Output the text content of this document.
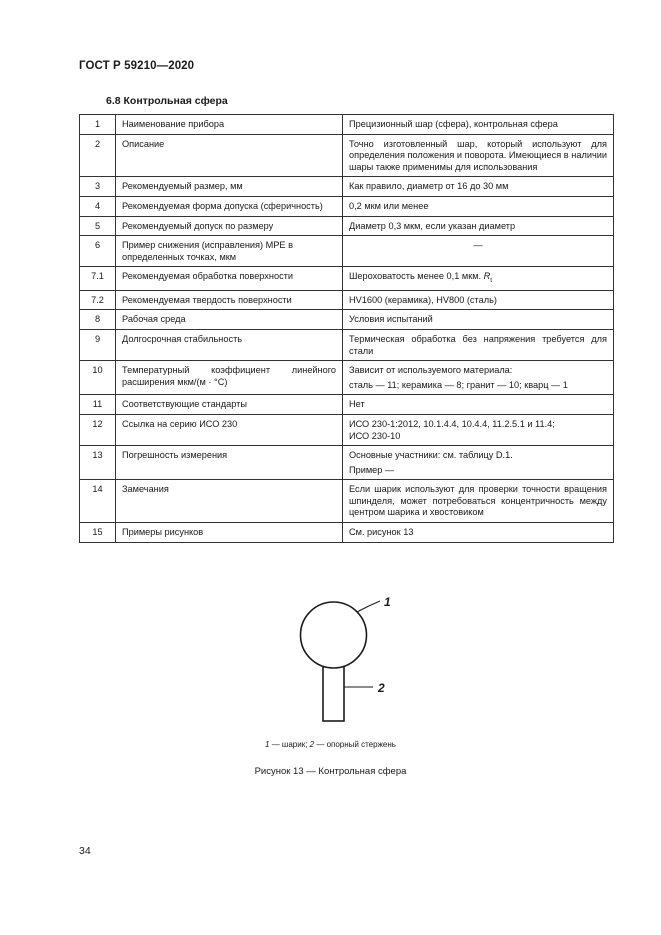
ГОСТ Р 59210—2020
6.8 Контрольная сфера
1	Наименование прибора	Прецизионный шар (сфера), контрольная сфера

2	Описание	Точно изготовленный шар, который используют для определения положения и поворота. Имеющиеся в наличии шары также применимы для использования

3	Рекомендуемый размер, мм	Как правило, диаметр от 16 до 30 мм

4	Рекомендуемая форма допуска (сферичность)	0,2 мкм или менее

5	Рекомендуемый допуск по размеру	Диаметр 0,3 мкм, если указан диаметр

6	Пример снижения (исправления) МРЕ в определенных точках, мкм	—

7.1	Рекомендуемая обработка поверхности	Шероховатость менее 0,1 мкм. $R_t$
7.2	Рекомендуемая твердость поверхности	HV1600 (керамика), HV800 (сталь)

8	Рабочая среда	Условия испытаний

9	Долгосрочная стабильность	Термическая обработка без напряжения требуется для стали

10	Температурный коэффициент линейного расширения мкм/(м · °С)	Зависит от используемого материала:
сталь — 11; керамика — 8; гранит — 10; кварц — 1

11	Соответствующие стандарты	Нет

12	Ссылка на серию ИСО 230	ИСО 230-1:2012, 10.1.4.4, 10.4.4, 11.2.5.1 и 11.4;
ИСО 230-10

13	Погрешность измерения	Основные участники: см. таблицу D.1.
Пример —

14	Замечания	Если шарик используют для проверки точности вращения шпинделя, может потребоваться концентричность между центром шарика и хвостовиком

15	Примеры рисунков	См. рисунок 13
1
2
1 — шарик; 2 — опорный стержень
Рисунок 13 — Контрольная сфера
34
